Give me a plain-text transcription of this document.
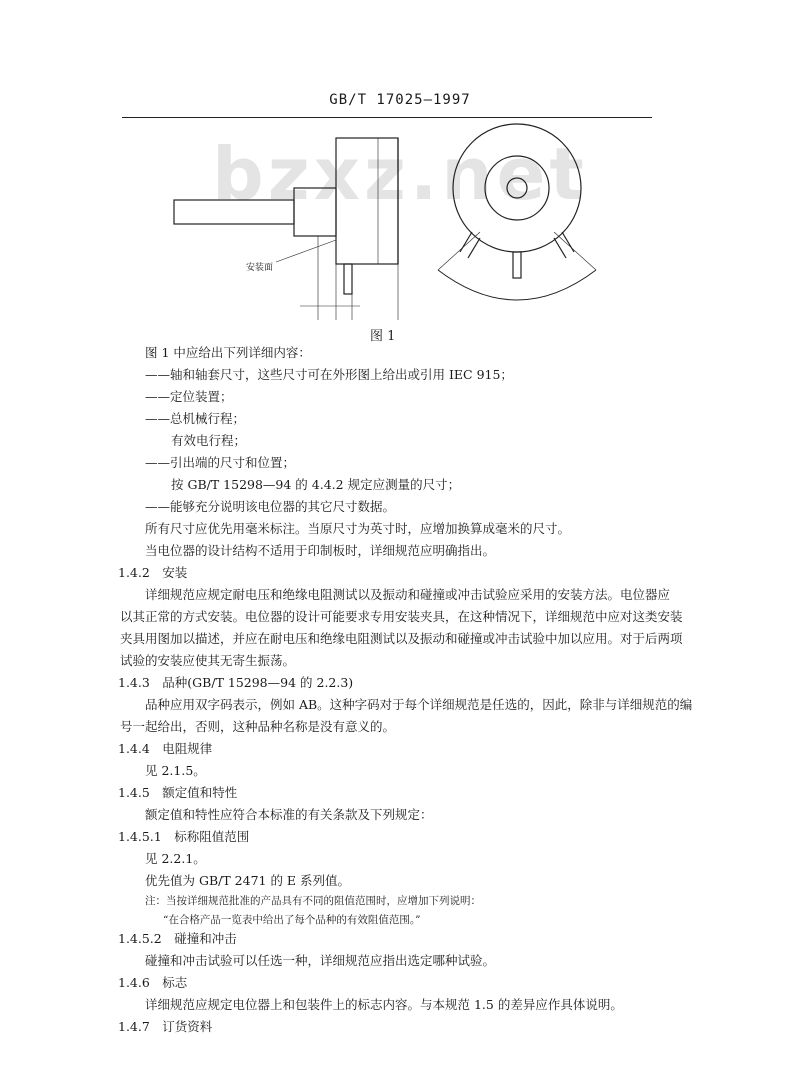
GB/T 17025—1997
bzxz.net
安装面
图 1
图 1 中应给出下列详细内容：
——轴和轴套尺寸，这些尺寸可在外形图上给出或引用 IEC 915；
——定位装置；
——总机械行程；
有效电行程；
——引出端的尺寸和位置；
按 GB/T 15298—94 的 4.4.2 规定应测量的尺寸；
——能够充分说明该电位器的其它尺寸数据。
所有尺寸应优先用毫米标注。当原尺寸为英寸时，应增加换算成毫米的尺寸。
当电位器的设计结构不适用于印制板时，详细规范应明确指出。
1.4.2　安装
详细规范应规定耐电压和绝缘电阻测试以及振动和碰撞或冲击试验应采用的安装方法。电位器应
以其正常的方式安装。电位器的设计可能要求专用安装夹具，在这种情况下，详细规范中应对这类安装
夹具用图加以描述，并应在耐电压和绝缘电阻测试以及振动和碰撞或冲击试验中加以应用。对于后两项
试验的安装应使其无寄生振荡。
1.4.3　品种(GB/T 15298—94 的 2.2.3)
品种应用双字码表示，例如 AB。这种字码对于每个详细规范是任选的，因此，除非与详细规范的编
号一起给出，否则，这种品种名称是没有意义的。
1.4.4　电阻规律
见 2.1.5。
1.4.5　额定值和特性
额定值和特性应符合本标准的有关条款及下列规定：
1.4.5.1　标称阻值范围
见 2.2.1。
优先值为 GB/T 2471 的 E 系列值。
注：当按详细规范批准的产品具有不同的阻值范围时，应增加下列说明：
“在合格产品一览表中给出了每个品种的有效阻值范围。”
1.4.5.2　碰撞和冲击
碰撞和冲击试验可以任选一种，详细规范应指出选定哪种试验。
1.4.6　标志
详细规范应规定电位器上和包装件上的标志内容。与本规范 1.5 的差异应作具体说明。
1.4.7　订货资料
